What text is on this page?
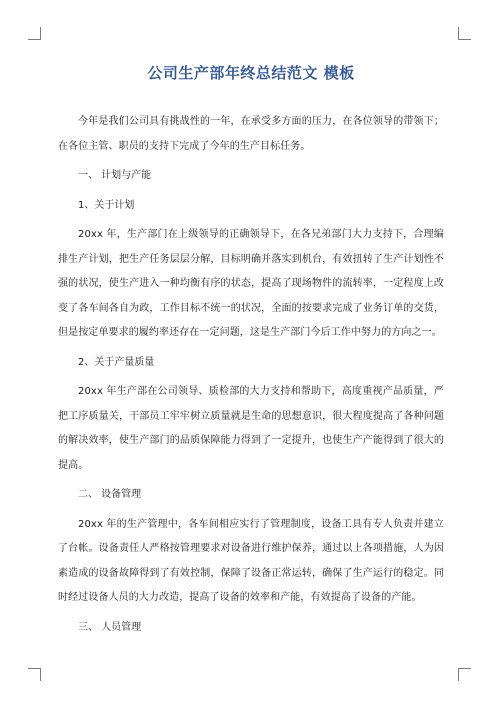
公司生产部年终总结范文 模板

今年是我们公司具有挑战性的一年，在承受多方面的压力，在各位领导的带领下；在各位主管、职员的支持下完成了今年的生产目标任务。

一、 计划与产能

1、关于计划

20xx 年，生产部门在上级领导的正确领导下，在各兄弟部门大力支持下，合理编排生产计划，把生产任务层层分解，目标明确并落实到机台，有效扭转了生产计划性不强的状况，使生产进入一种均衡有序的状态，提高了现场物件的流转率，一定程度上改变了各车间各自为政，工作目标不统一的状况，全面的按要求完成了业务订单的交货，但是按定单要求的履约率还存在一定问题，这是生产部门今后工作中努力的方向之一。

2、关于产量质量

20xx 年生产部在公司领导、质检部的大力支持和帮助下，高度重视产品质量，严把工序质量关，干部员工牢牢树立质量就是生命的思想意识，很大程度提高了各种问题的解决效率，使生产部门的品质保障能力得到了一定提升，也使生产产能得到了很大的提高。

二、 设备管理

20xx 年的生产管理中，各车间相应实行了管理制度，设备工具有专人负责并建立了台帐。设备责任人严格按管理要求对设备进行维护保养，通过以上各项措施，人为因素造成的设备故障得到了有效控制，保障了设备正常运转，确保了生产运行的稳定。同时经过设备人员的大力改造，提高了设备的效率和产能，有效提高了设备的产能。

三、 人员管理
